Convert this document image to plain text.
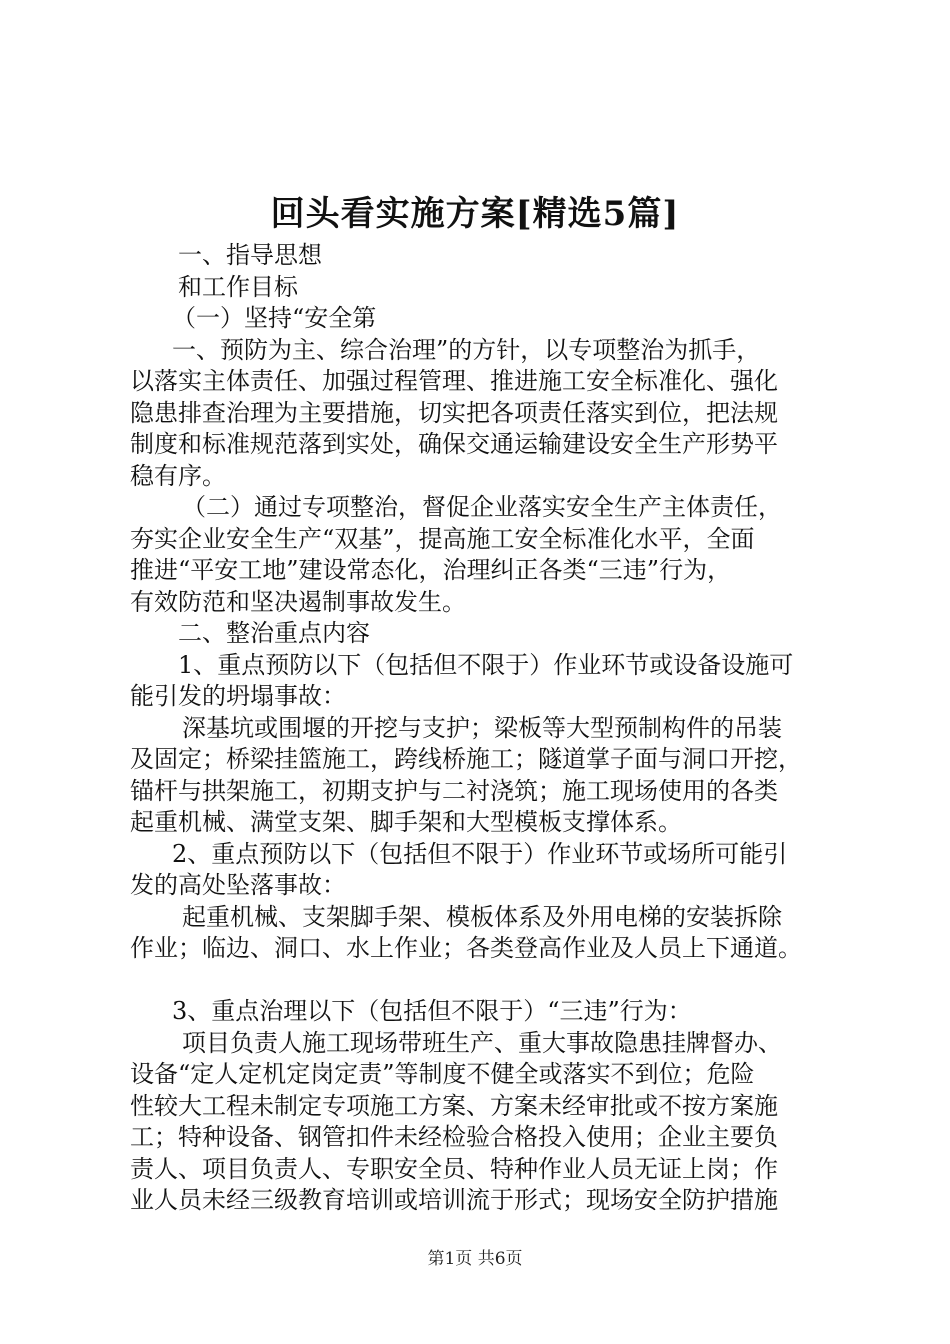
回头看实施方案[精选5篇]
一、指导思想
和工作目标
（一）坚持“安全第
一、预防为主、综合治理”的方针，以专项整治为抓手，
以落实主体责任、加强过程管理、推进施工安全标准化、强化
隐患排查治理为主要措施，切实把各项责任落实到位，把法规
制度和标准规范落到实处，确保交通运输建设安全生产形势平
稳有序。
（二）通过专项整治，督促企业落实安全生产主体责任，
夯实企业安全生产“双基”，提高施工安全标准化水平，全面
推进“平安工地”建设常态化，治理纠正各类“三违”行为，
有效防范和坚决遏制事故发生。
二、整治重点内容
1、重点预防以下（包括但不限于）作业环节或设备设施可
能引发的坍塌事故：
深基坑或围堰的开挖与支护；梁板等大型预制构件的吊装
及固定；桥梁挂篮施工，跨线桥施工；隧道掌子面与洞口开挖，
锚杆与拱架施工，初期支护与二衬浇筑；施工现场使用的各类
起重机械、满堂支架、脚手架和大型模板支撑体系。
2、重点预防以下（包括但不限于）作业环节或场所可能引
发的高处坠落事故：
起重机械、支架脚手架、模板体系及外用电梯的安装拆除
作业；临边、洞口、水上作业；各类登高作业及人员上下通道。
3、重点治理以下（包括但不限于）“三违”行为：
项目负责人施工现场带班生产、重大事故隐患挂牌督办、
设备“定人定机定岗定责”等制度不健全或落实不到位；危险
性较大工程未制定专项施工方案、方案未经审批或不按方案施
工；特种设备、钢管扣件未经检验合格投入使用；企业主要负
责人、项目负责人、专职安全员、特种作业人员无证上岗；作
业人员未经三级教育培训或培训流于形式；现场安全防护措施
第1页 共6页
